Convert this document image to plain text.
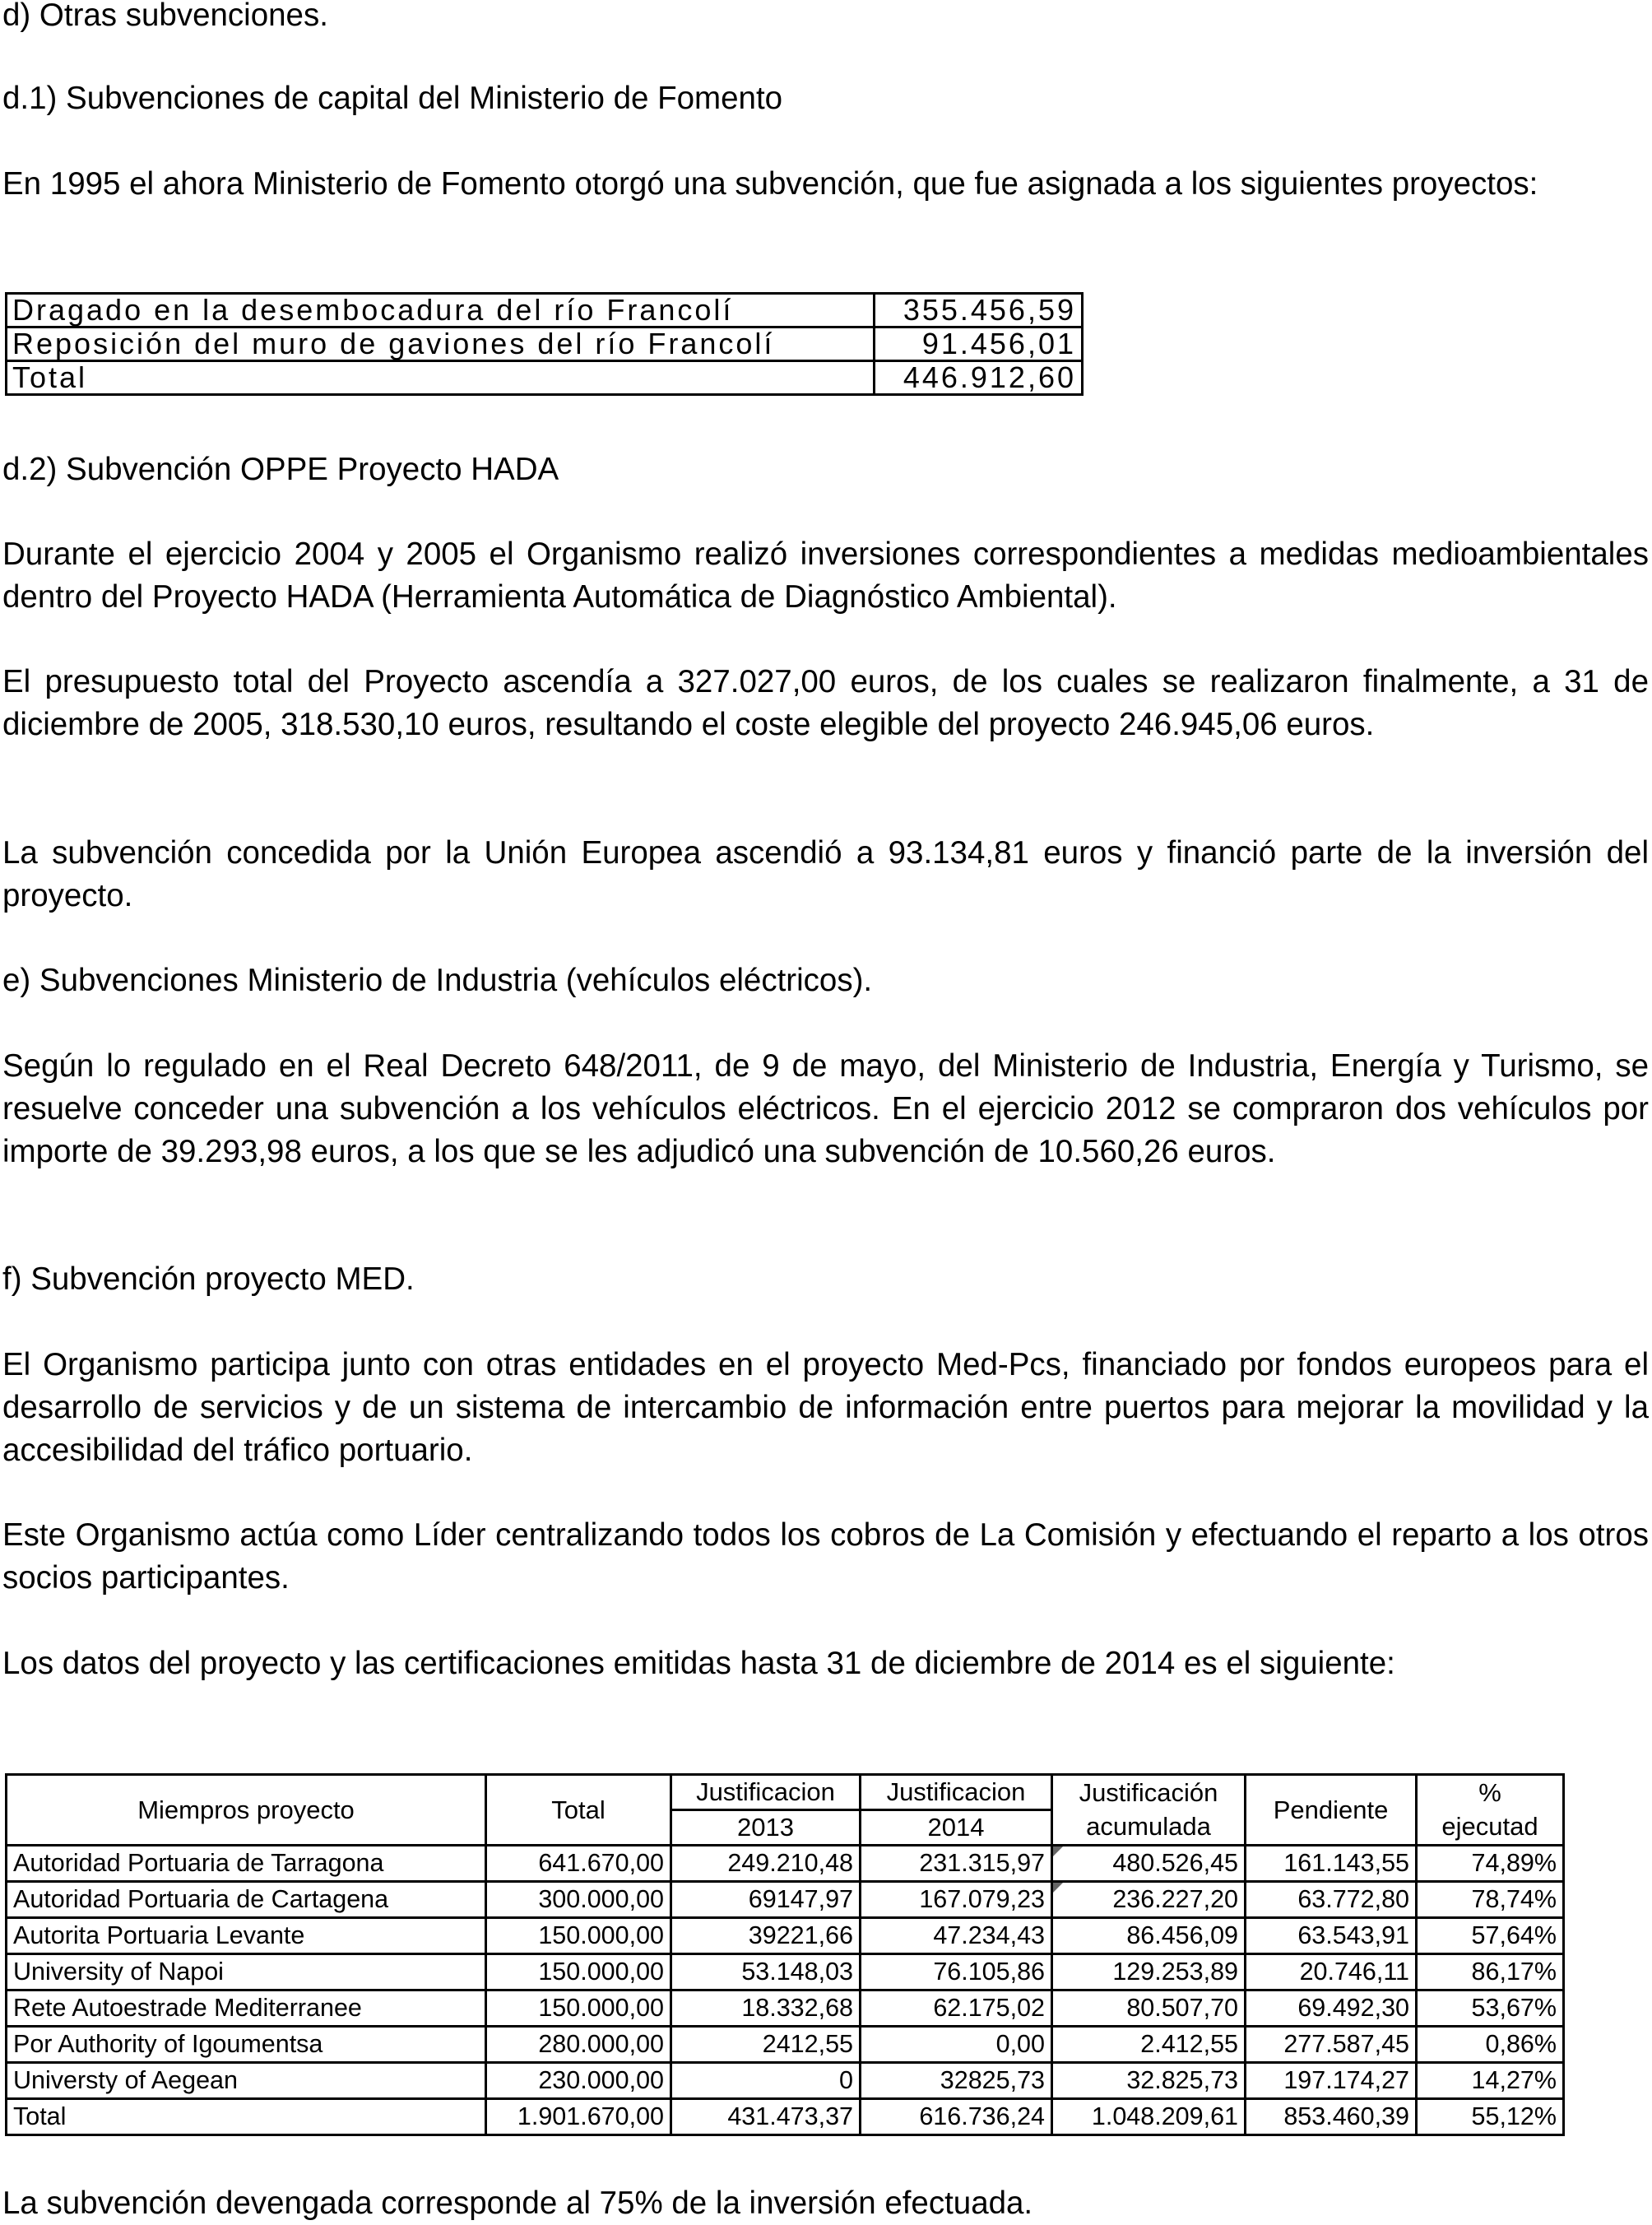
d) Otras subvenciones.

d.1) Subvenciones de capital del Ministerio de Fomento

En 1995 el ahora Ministerio de Fomento otorgó una subvención, que fue asignada a los siguientes proyectos:

Dragado en la desembocadura del río Francolí	355.456,59
Reposición del muro de gaviones del río Francolí	91.456,01
Total	446.912,60

d.2) Subvención OPPE Proyecto HADA

Durante el ejercicio 2004 y 2005 el Organismo realizó inversiones correspondientes a medidas medioambientales dentro del Proyecto HADA (Herramienta Automática de Diagnóstico Ambiental).

El presupuesto total del Proyecto ascendía a 327.027,00 euros, de los cuales se realizaron finalmente, a 31 de diciembre de 2005, 318.530,10 euros, resultando el coste elegible del proyecto 246.945,06 euros.

La subvención concedida por la Unión Europea ascendió a 93.134,81 euros y financió parte de la inversión del proyecto.

e) Subvenciones Ministerio de Industria (vehículos eléctricos).

Según lo regulado en el Real Decreto 648/2011, de 9 de mayo, del Ministerio de Industria, Energía y Turismo, se resuelve conceder una subvención a los vehículos eléctricos. En el ejercicio 2012 se compraron dos vehículos por importe de 39.293,98 euros, a los que se les adjudicó una subvención de 10.560,26 euros.

f) Subvención proyecto MED.

El Organismo participa junto con otras entidades en el proyecto Med-Pcs, financiado por fondos europeos para el desarrollo de servicios y de un sistema de intercambio de información entre puertos para mejorar la movilidad y la accesibilidad del tráfico portuario.

Este Organismo actúa como Líder centralizando todos los cobros de La Comisión y efectuando el reparto a los otros socios participantes.

Los datos del proyecto y las certificaciones emitidas hasta 31 de diciembre de 2014 es el siguiente:

Miempros proyecto	Total	Justificacion	Justificacion	Justificación	Pendiente	%
		2013	2014	acumulada		ejecutad
Autoridad Portuaria de Tarragona	641.670,00	249.210,48	231.315,97	480.526,45	161.143,55	74,89%
Autoridad Portuaria de Cartagena	300.000,00	69147,97	167.079,23	236.227,20	63.772,80	78,74%
Autorita Portuaria Levante	150.000,00	39221,66	47.234,43	86.456,09	63.543,91	57,64%
University of Napoi	150.000,00	53.148,03	76.105,86	129.253,89	20.746,11	86,17%
Rete Autoestrade Mediterranee	150.000,00	18.332,68	62.175,02	80.507,70	69.492,30	53,67%
Por Authority of Igoumentsa	280.000,00	2412,55	0,00	2.412,55	277.587,45	0,86%
Universty of Aegean	230.000,00	0	32825,73	32.825,73	197.174,27	14,27%
Total	1.901.670,00	431.473,37	616.736,24	1.048.209,61	853.460,39	55,12%

La subvención devengada corresponde al 75% de la inversión efectuada.
